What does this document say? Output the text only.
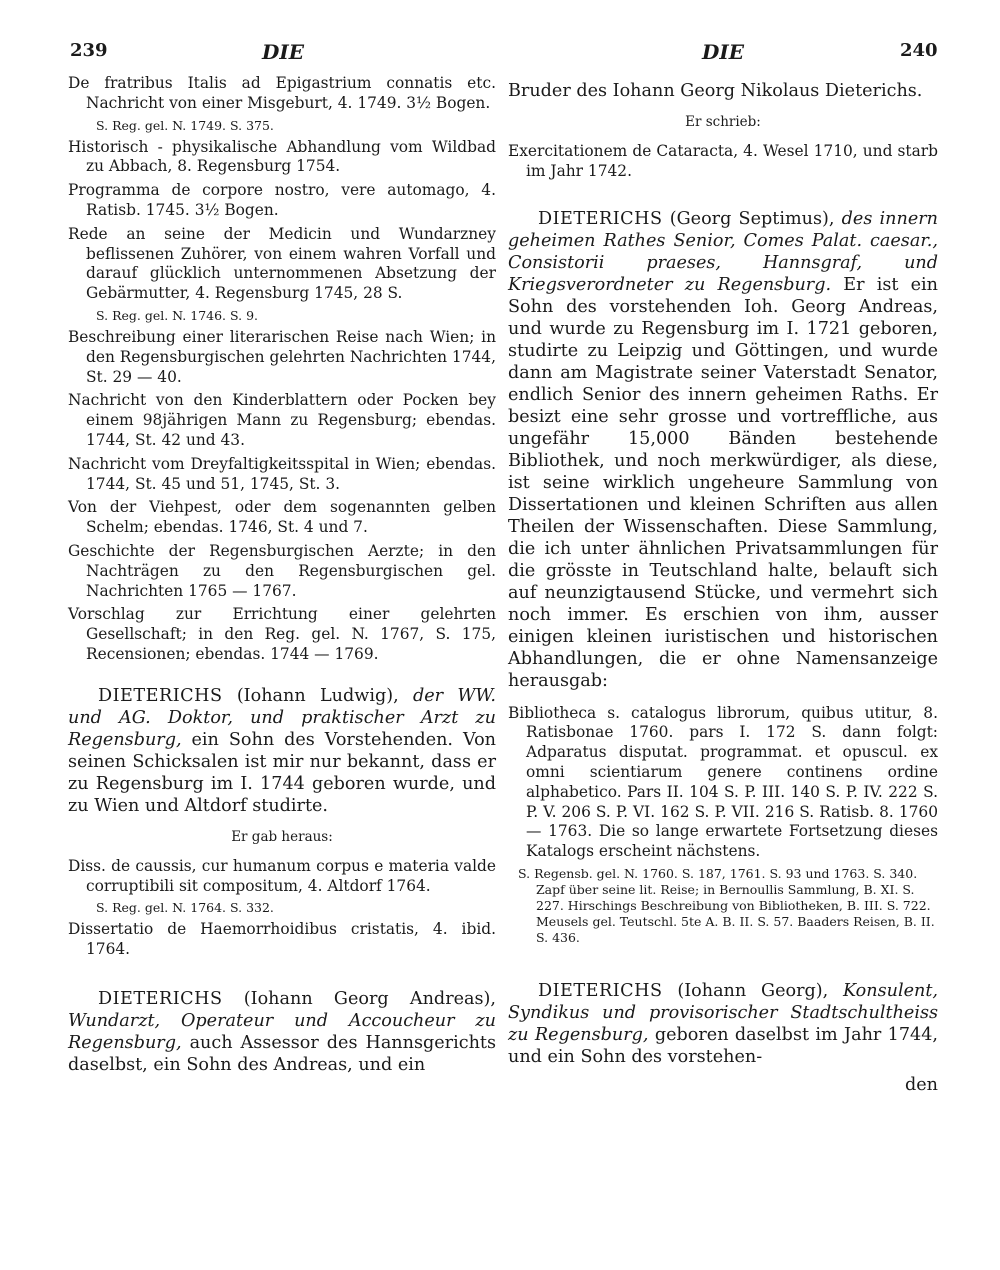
239	DIE	DIE	240

De fratribus Italis ad Epigastrium connatis etc. Nachricht von einer Misgeburt, 4. 1749. 3½ Bogen.

S. Reg. gel. N. 1749. S. 375.

Historisch - physikalische Abhandlung vom Wildbad zu Abbach, 8. Regensburg 1754.

Programma de corpore nostro, vere automago, 4. Ratisb. 1745. 3½ Bogen.

Rede an seine der Medicin und Wundarzney beflissenen Zuhörer, von einem wahren Vorfall und darauf glücklich unternommenen Absetzung der Gebärmutter, 4. Regensburg 1745, 28 S.

S. Reg. gel. N. 1746. S. 9.

Beschreibung einer literarischen Reise nach Wien; in den Regensburgischen gelehrten Nachrichten 1744, St. 29 — 40.

Nachricht von den Kinderblattern oder Pocken bey einem 98jährigen Mann zu Regensburg; ebendas. 1744, St. 42 und 43.

Nachricht vom Dreyfaltigkeitsspital in Wien; ebendas. 1744, St. 45 und 51, 1745, St. 3.

Von der Viehpest, oder dem sogenannten gelben Schelm; ebendas. 1746, St. 4 und 7.

Geschichte der Regensburgischen Aerzte; in den Nachträgen zu den Regensburgischen gel. Nachrichten 1765 — 1767.

Vorschlag zur Errichtung einer gelehrten Gesellschaft; in den Reg. gel. N. 1767, S. 175, Recensionen; ebendas. 1744 — 1769.

DIETERICHS (Iohann Ludwig), der WW. und AG. Doktor, und praktischer Arzt zu Regensburg, ein Sohn des Vorstehenden. Von seinen Schicksalen ist mir nur bekannt, dass er zu Regensburg im I. 1744 geboren wurde, und zu Wien und Altdorf studirte.

Er gab heraus:

Diss. de caussis, cur humanum corpus e materia valde corruptibili sit compositum, 4. Altdorf 1764.

S. Reg. gel. N. 1764. S. 332.

Dissertatio de Haemorrhoidibus cristatis, 4. ibid. 1764.

DIETERICHS (Iohann Georg Andreas), Wundarzt, Operateur und Accoucheur zu Regensburg, auch Assessor des Hannsgerichts daselbst, ein Sohn des Andreas, und ein

Bruder des Iohann Georg Nikolaus Dieterichs.

Er schrieb:

Exercitationem de Cataracta, 4. Wesel 1710, und starb im Jahr 1742.

DIETERICHS (Georg Septimus), des innern geheimen Rathes Senior, Comes Palat. caesar., Consistorii praeses, Hannsgraf, und Kriegsverordneter zu Regensburg. Er ist ein Sohn des vorstehenden Ioh. Georg Andreas, und wurde zu Regensburg im I. 1721 geboren, studirte zu Leipzig und Göttingen, und wurde dann am Magistrate seiner Vaterstadt Senator, endlich Senior des innern geheimen Raths. Er besizt eine sehr grosse und vortreffliche, aus ungefähr 15,000 Bänden bestehende Bibliothek, und noch merkwürdiger, als diese, ist seine wirklich ungeheure Sammlung von Dissertationen und kleinen Schriften aus allen Theilen der Wissenschaften. Diese Sammlung, die ich unter ähnlichen Privatsammlungen für die grösste in Teutschland halte, belauft sich auf neunzigtausend Stücke, und vermehrt sich noch immer. Es erschien von ihm, ausser einigen kleinen iuristischen und historischen Abhandlungen, die er ohne Namensanzeige herausgab:

Bibliotheca s. catalogus librorum, quibus utitur, 8. Ratisbonae 1760. pars I. 172 S. dann folgt: Adparatus disputat. programmat. et opuscul. ex omni scientiarum genere continens ordine alphabetico. Pars II. 104 S. P. III. 140 S. P. IV. 222 S. P. V. 206 S. P. VI. 162 S. P. VII. 216 S. Ratisb. 8. 1760 — 1763. Die so lange erwartete Fortsetzung dieses Katalogs erscheint nächstens.

S. Regensb. gel. N. 1760. S. 187, 1761. S. 93 und 1763. S. 340. Zapf über seine lit. Reise; in Bernoullis Sammlung, B. XI. S. 227. Hirschings Beschreibung von Bibliotheken, B. III. S. 722. Meusels gel. Teutschl. 5te A. B. II. S. 57. Baaders Reisen, B. II. S. 436.

DIETERICHS (Iohann Georg), Konsulent, Syndikus und provisorischer Stadtschultheiss zu Regensburg, geboren daselbst im Jahr 1744, und ein Sohn des vorstehen-

den
